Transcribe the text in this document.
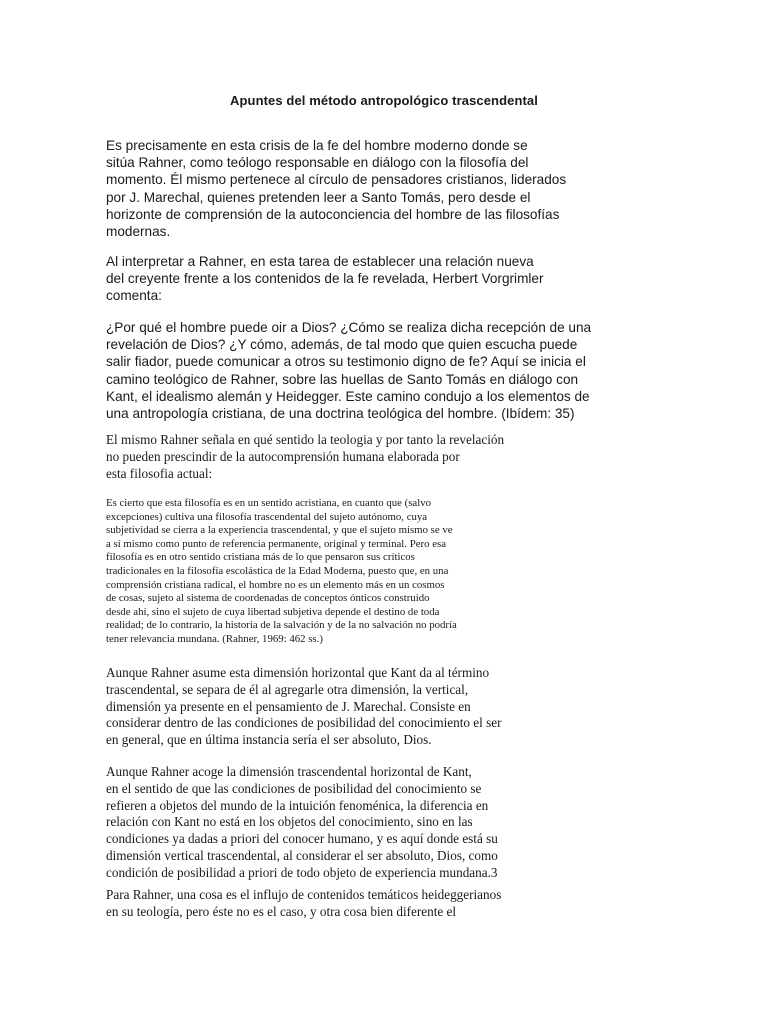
Apuntes del método antropológico trascendental

Es precisamente en esta crisis de la fe del hombre moderno donde se
sitúa Rahner, como teólogo responsable en diálogo con la filosofía del
momento. Él mismo pertenece al círculo de pensadores cristianos, liderados
por J. Marechal, quienes pretenden leer a Santo Tomás, pero desde el
horizonte de comprensión de la autoconciencia del hombre de las filosofías
modernas.

Al interpretar a Rahner, en esta tarea de establecer una relación nueva
del creyente frente a los contenidos de la fe revelada, Herbert Vorgrimler
comenta:

¿Por qué el hombre puede oir a Dios? ¿Cómo se realiza dicha recepción de una
revelación de Dios? ¿Y cómo, además, de tal modo que quien escucha puede
salir fiador, puede comunicar a otros su testimonio digno de fe? Aquí se inicia el
camino teológico de Rahner, sobre las huellas de Santo Tomás en diálogo con
Kant, el idealismo alemán y Heidegger. Este camino condujo a los elementos de
una antropología cristiana, de una doctrina teológica del hombre. (Ibídem: 35)

El mismo Rahner señala en qué sentido la teologia y por tanto la revelación
no pueden prescindir de la autocomprensión humana elaborada por
esta filosofia actual:

Es cierto que esta filosofía es en un sentido acristiana, en cuanto que (salvo
excepciones) cultiva una filosofía trascendental del sujeto autónomo, cuya
subjetividad se cierra a la experiencia trascendental, y que el sujeto mismo se ve
a sí mismo como punto de referencia permanente, original y terminal. Pero esa
filosofía es en otro sentido cristiana más de lo que pensaron sus críticos
tradicionales en la filosofía escolástica de la Edad Moderna, puesto que, en una
comprensión cristiana radical, el hombre no es un elemento más en un cosmos
de cosas, sujeto al sistema de coordenadas de conceptos ónticos construido
desde ahí, sino el sujeto de cuya libertad subjetiva depende el destino de toda
realidad; de lo contrario, la historia de la salvación y de la no salvación no podría
tener relevancia mundana. (Rahner, 1969: 462 ss.)

Aunque Rahner asume esta dimensión horizontal que Kant da al término
trascendental, se separa de él al agregarle otra dimensión, la vertical,
dimensión ya presente en el pensamiento de J. Marechal. Consiste en
considerar dentro de las condiciones de posibilidad del conocimiento el ser
en general, que en última instancia sería el ser absoluto, Dios.

Aunque Rahner acoge la dimensión trascendental horizontal de Kant,
en el sentido de que las condiciones de posibilidad del conocimiento se
refieren a objetos del mundo de la intuición fenoménica, la diferencia en
relación con Kant no está en los objetos del conocimiento, sino en las
condiciones ya dadas a priori del conocer humano, y es aquí donde está su
dimensión vertical trascendental, al considerar el ser absoluto, Dios, como
condición de posibilidad a priori de todo objeto de experiencia mundana.3

Para Rahner, una cosa es el influjo de contenidos temáticos heideggerianos
en su teología, pero éste no es el caso, y otra cosa bien diferente el
